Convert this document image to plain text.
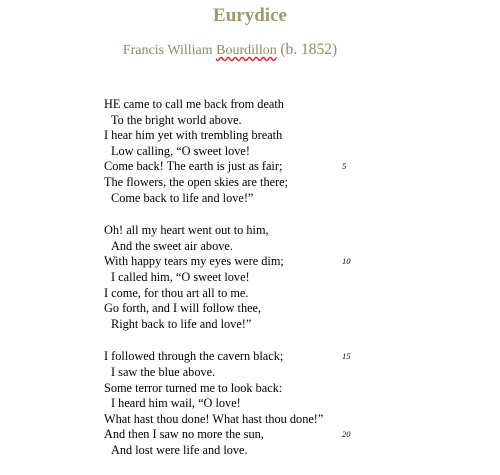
Eurydice
Francis William Bourdillon (b. 1852)
HE came to call me back from death
To the bright world above.
I hear him yet with trembling breath
Low calling, “O sweet love!
Come back! The earth is just as fair;	5
The flowers, the open skies are there;
Come back to life and love!”
Oh! all my heart went out to him,
And the sweet air above.
With happy tears my eyes were dim;	10
I called him, “O sweet love!
I come, for thou art all to me.
Go forth, and I will follow thee,
Right back to life and love!”
I followed through the cavern black;	15
I saw the blue above.
Some terror turned me to look back:
I heard him wail, “O love!
What hast thou done! What hast thou done!”
And then I saw no more the sun,	20
And lost were life and love.
